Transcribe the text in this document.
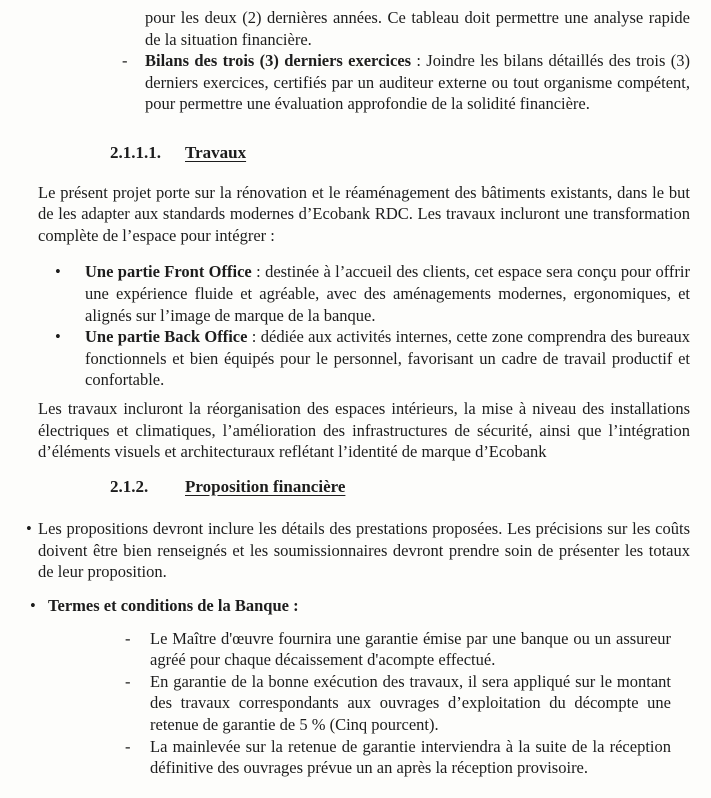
pour les deux (2) dernières années. Ce tableau doit permettre une analyse rapide de la situation financière.

-	Bilans des trois (3) derniers exercices : Joindre les bilans détaillés des trois (3) derniers exercices, certifiés par un auditeur externe ou tout organisme compétent, pour permettre une évaluation approfondie de la solidité financière.

2.1.1.1. Travaux

Le présent projet porte sur la rénovation et le réaménagement des bâtiments existants, dans le but de les adapter aux standards modernes d’Ecobank RDC. Les travaux incluront une transformation complète de l’espace pour intégrer :

•	Une partie Front Office : destinée à l’accueil des clients, cet espace sera conçu pour offrir une expérience fluide et agréable, avec des aménagements modernes, ergonomiques, et alignés sur l’image de marque de la banque.

•	Une partie Back Office : dédiée aux activités internes, cette zone comprendra des bureaux fonctionnels et bien équipés pour le personnel, favorisant un cadre de travail productif et confortable.

Les travaux incluront la réorganisation des espaces intérieurs, la mise à niveau des installations électriques et climatiques, l’amélioration des infrastructures de sécurité, ainsi que l’intégration d’éléments visuels et architecturaux reflétant l’identité de marque d’Ecobank

2.1.2. Proposition financière

• Les propositions devront inclure les détails des prestations proposées. Les précisions sur les coûts doivent être bien renseignés et les soumissionnaires devront prendre soin de présenter les totaux de leur proposition.

• Termes et conditions de la Banque :
-	Le Maître d'œuvre fournira une garantie émise par une banque ou un assureur agréé pour chaque décaissement d'acompte effectué.

-	En garantie de la bonne exécution des travaux, il sera appliqué sur le montant des travaux correspondants aux ouvrages d’exploitation du décompte une retenue de garantie de 5 % (Cinq pourcent).

-	La mainlevée sur la retenue de garantie interviendra à la suite de la réception définitive des ouvrages prévue un an après la réception provisoire.
